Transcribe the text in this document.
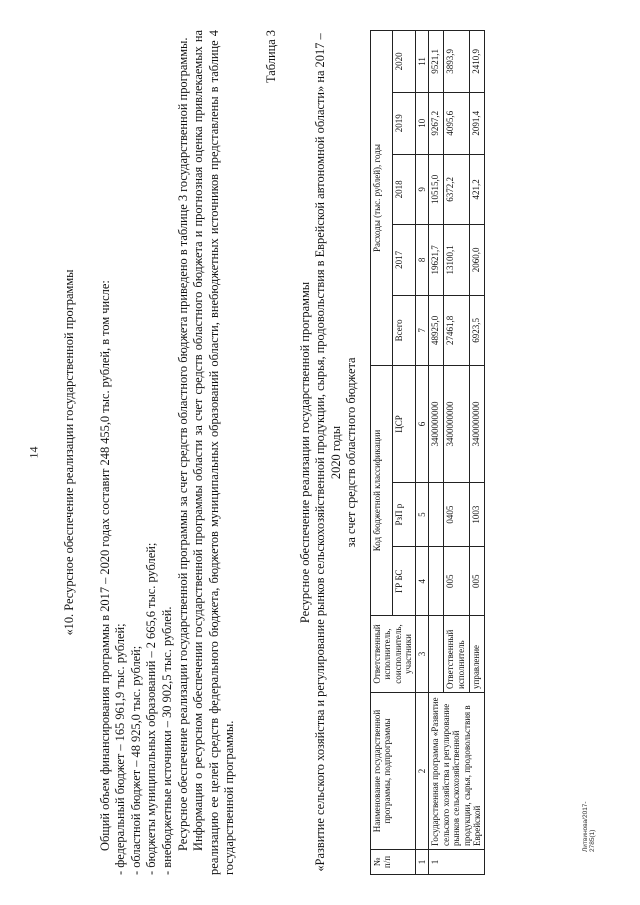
14 «10. Ресурсное обеспечение реализации государственной программы Общий объем финансирования программы в 2017 – 2020 годах составит 248 455,0 тыс. рублей, в том числе: - федеральный бюджет – 165 961,9 тыс. рублей; - областной бюджет – 48 925,0 тыс. рублей; - бюджеты муниципальных образований – 2 665,6 тыс. рублей; - внебюджетные источники – 30 902,5 тыс. рублей. Ресурсное обеспечение реализации государственной программы за счет средств областного бюджета приведено в таблице 3 государственной программы. Информация о ресурсном обеспечении государственной программы области за счет средств областного бюджета и прогнозная оценка привлекаемых на реализацию ее целей средств федерального бюджета, бюджетов муниципальных образований области, внебюджетных источников представлены в таблице 4 государственной программы.

Таблица 3

Ресурсное обеспечение реализации государственной программы «Развитие сельского хозяйства и регулирование рынков сельскохозяйственной продукции, сырья, продовольствия в Еврейской автономной области» на 2017 – 2020 годы за счет средств областного бюджета

№ п/п	Наименование государственной программы, подпрограммы	Ответственный исполнитель, соисполнитель, участники	Код бюджетной классификации			Расходы (тыс. рублей), годы				
			ГР БС	РзП р	ЦСР	Всего	2017	2018	2019	2020
1	2	3	4	5	6	7	8	9	10	11
1	Государственная программа «Развитие сельского хозяйства и регулирование рынков сельскохозяйственной продукции, сырья, продовольствия в Еврейской				3400000000	48925,0	19621,7	10515,0	9267,2	9521,1
		Ответственный исполнитель	005	0405	3400000000	27461,8	13100,1	6372,2	4095,6	3893,9
		управление	005	1003	3400000000	6923,5	2060,0	421,2	2091,4	2410,9
Литвинова/2017-2785(1)
